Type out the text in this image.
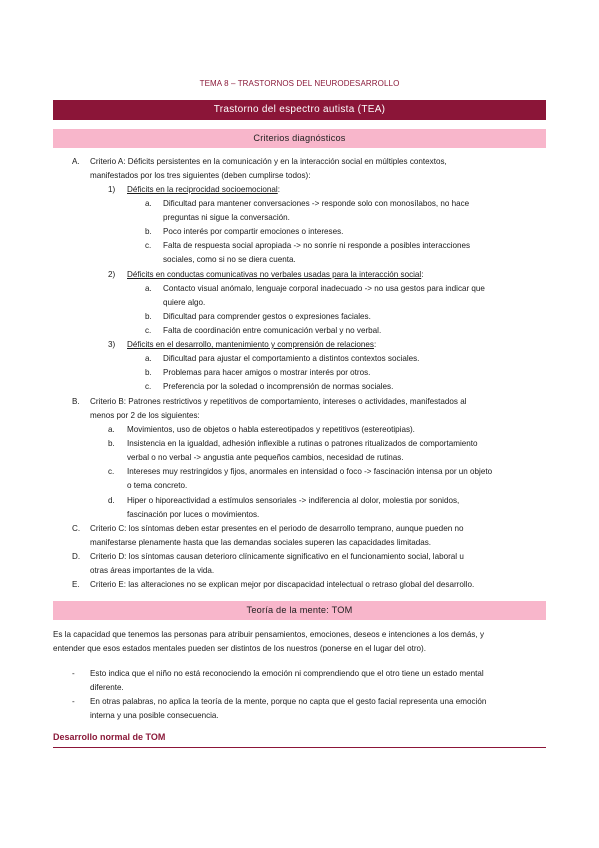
TEMA 8 – TRASTORNOS DEL NEURODESARROLLO
Trastorno del espectro autista (TEA)
Criterios diagnósticos
A. Criterio A: Déficits persistentes en la comunicación y en la interacción social en múltiples contextos,
manifestados por los tres siguientes (deben cumplirse todos):
1) Déficits en la reciprocidad socioemocional:
a. Dificultad para mantener conversaciones -> responde solo con monosílabos, no hace
preguntas ni sigue la conversación.
b. Poco interés por compartir emociones o intereses.
c. Falta de respuesta social apropiada -> no sonríe ni responde a posibles interacciones
sociales, como si no se diera cuenta.
2) Déficits en conductas comunicativas no verbales usadas para la interacción social:
a. Contacto visual anómalo, lenguaje corporal inadecuado -> no usa gestos para indicar que
quiere algo.
b. Dificultad para comprender gestos o expresiones faciales.
c. Falta de coordinación entre comunicación verbal y no verbal.
3) Déficits en el desarrollo, mantenimiento y comprensión de relaciones:
a. Dificultad para ajustar el comportamiento a distintos contextos sociales.
b. Problemas para hacer amigos o mostrar interés por otros.
c. Preferencia por la soledad o incomprensión de normas sociales.
B. Criterio B: Patrones restrictivos y repetitivos de comportamiento, intereses o actividades, manifestados al
menos por 2 de los siguientes:
a. Movimientos, uso de objetos o habla estereotipados y repetitivos (estereotipias).
b. Insistencia en la igualdad, adhesión inflexible a rutinas o patrones ritualizados de comportamiento
verbal o no verbal -> angustia ante pequeños cambios, necesidad de rutinas.
c. Intereses muy restringidos y fijos, anormales en intensidad o foco -> fascinación intensa por un objeto
o tema concreto.
d. Hiper o hiporeactividad a estímulos sensoriales -> indiferencia al dolor, molestia por sonidos,
fascinación por luces o movimientos.
C. Criterio C: los síntomas deben estar presentes en el periodo de desarrollo temprano, aunque pueden no
manifestarse plenamente hasta que las demandas sociales superen las capacidades limitadas.
D. Criterio D: los síntomas causan deterioro clínicamente significativo en el funcionamiento social, laboral u
otras áreas importantes de la vida.
E. Criterio E: las alteraciones no se explican mejor por discapacidad intelectual o retraso global del desarrollo.
Teoría de la mente: TOM
Es la capacidad que tenemos las personas para atribuir pensamientos, emociones, deseos e intenciones a los demás, y
entender que esos estados mentales pueden ser distintos de los nuestros (ponerse en el lugar del otro).
- Esto indica que el niño no está reconociendo la emoción ni comprendiendo que el otro tiene un estado mental
diferente.
- En otras palabras, no aplica la teoría de la mente, porque no capta que el gesto facial representa una emoción
interna y una posible consecuencia.
Desarrollo normal de TOM
